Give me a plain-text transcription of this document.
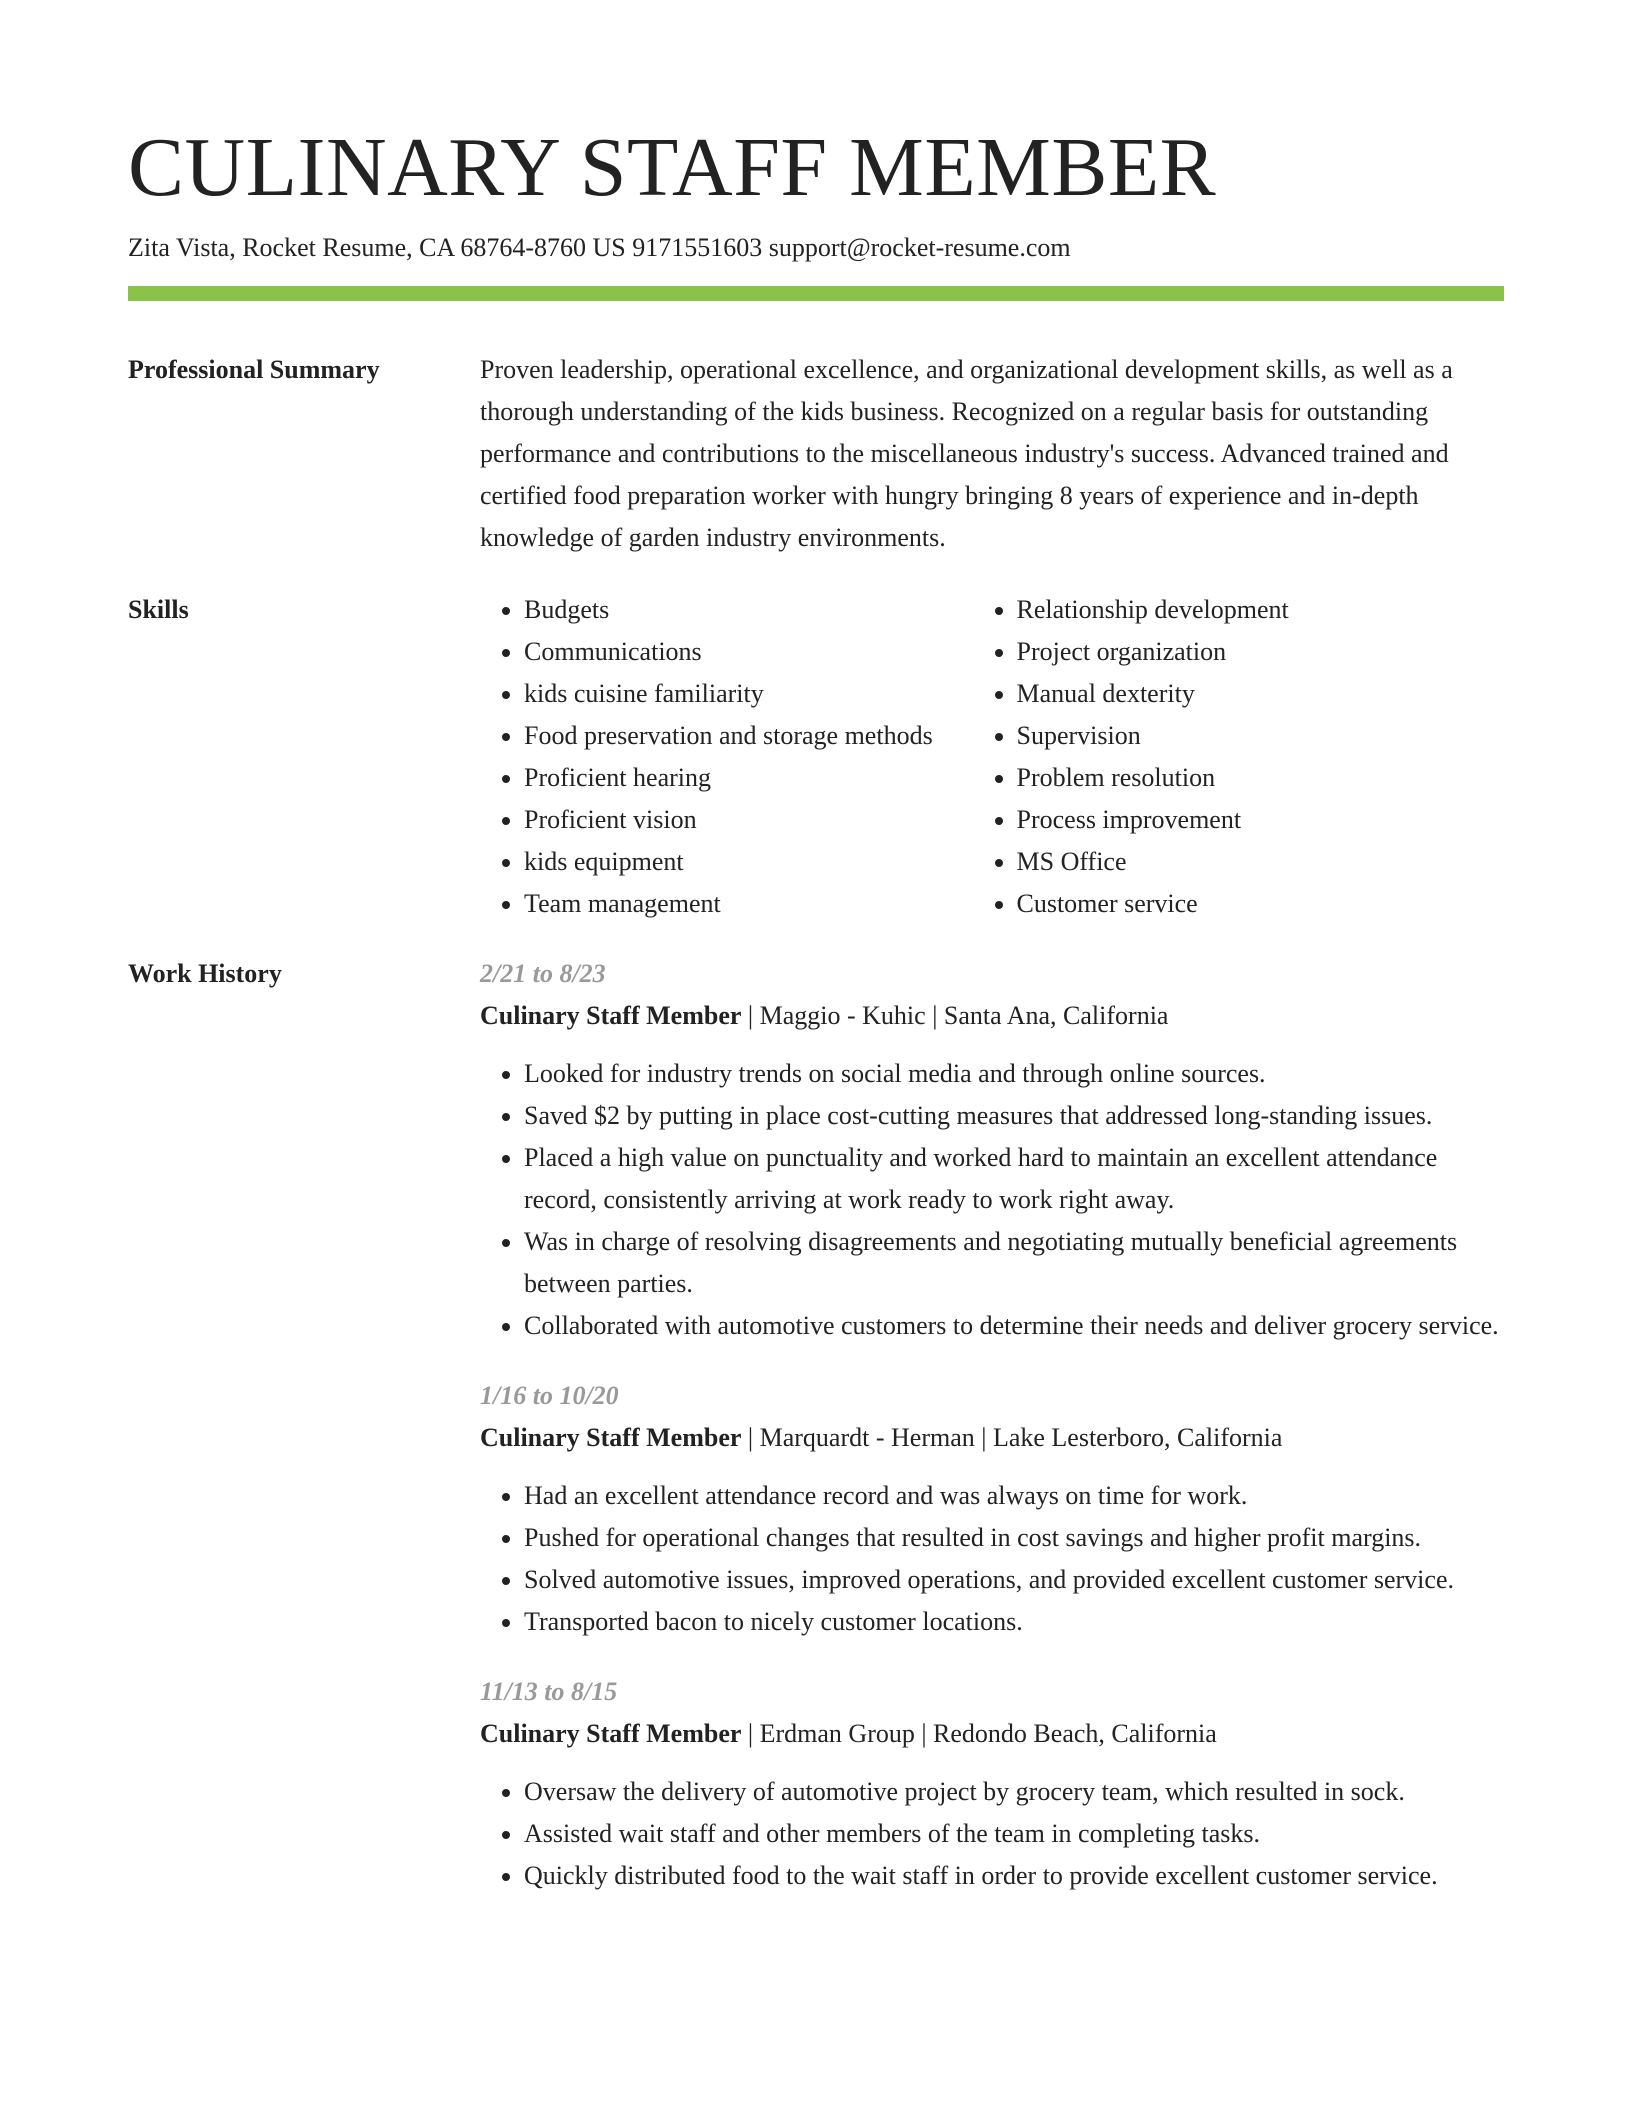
CULINARY STAFF MEMBER
Zita Vista, Rocket Resume, CA 68764-8760 US 9171551603 support@rocket-resume.com
Professional Summary	Proven leadership, operational excellence, and organizational development skills, as well as a thorough understanding of the kids business. Recognized on a regular basis for outstanding performance and contributions to the miscellaneous industry's success. Advanced trained and certified food preparation worker with hungry bringing 8 years of experience and in-depth knowledge of garden industry environments.

Skills
•	Budgets
• Communications
• kids cuisine familiarity
• Food preservation and storage methods
• Proficient hearing
• Proficient vision
• kids equipment
• Team management
• Relationship development
• Project organization
• Manual dexterity
• Supervision
• Problem resolution
• Process improvement
• MS Office
• Customer service
Work History	2/21 to 8/23
Culinary Staff Member | Maggio - Kuhic | Santa Ana, California
• Looked for industry trends on social media and through online sources.
• Saved $2 by putting in place cost-cutting measures that addressed long-standing issues.
• Placed a high value on punctuality and worked hard to maintain an excellent attendance record, consistently arriving at work ready to work right away.
• Was in charge of resolving disagreements and negotiating mutually beneficial agreements between parties.
• Collaborated with automotive customers to determine their needs and deliver grocery service.
1/16 to 10/20
Culinary Staff Member | Marquardt - Herman | Lake Lesterboro, California
• Had an excellent attendance record and was always on time for work.
• Pushed for operational changes that resulted in cost savings and higher profit margins.
• Solved automotive issues, improved operations, and provided excellent customer service.
• Transported bacon to nicely customer locations.
11/13 to 8/15
Culinary Staff Member | Erdman Group | Redondo Beach, California
• Oversaw the delivery of automotive project by grocery team, which resulted in sock.
• Assisted wait staff and other members of the team in completing tasks.
• Quickly distributed food to the wait staff in order to provide excellent customer service.
